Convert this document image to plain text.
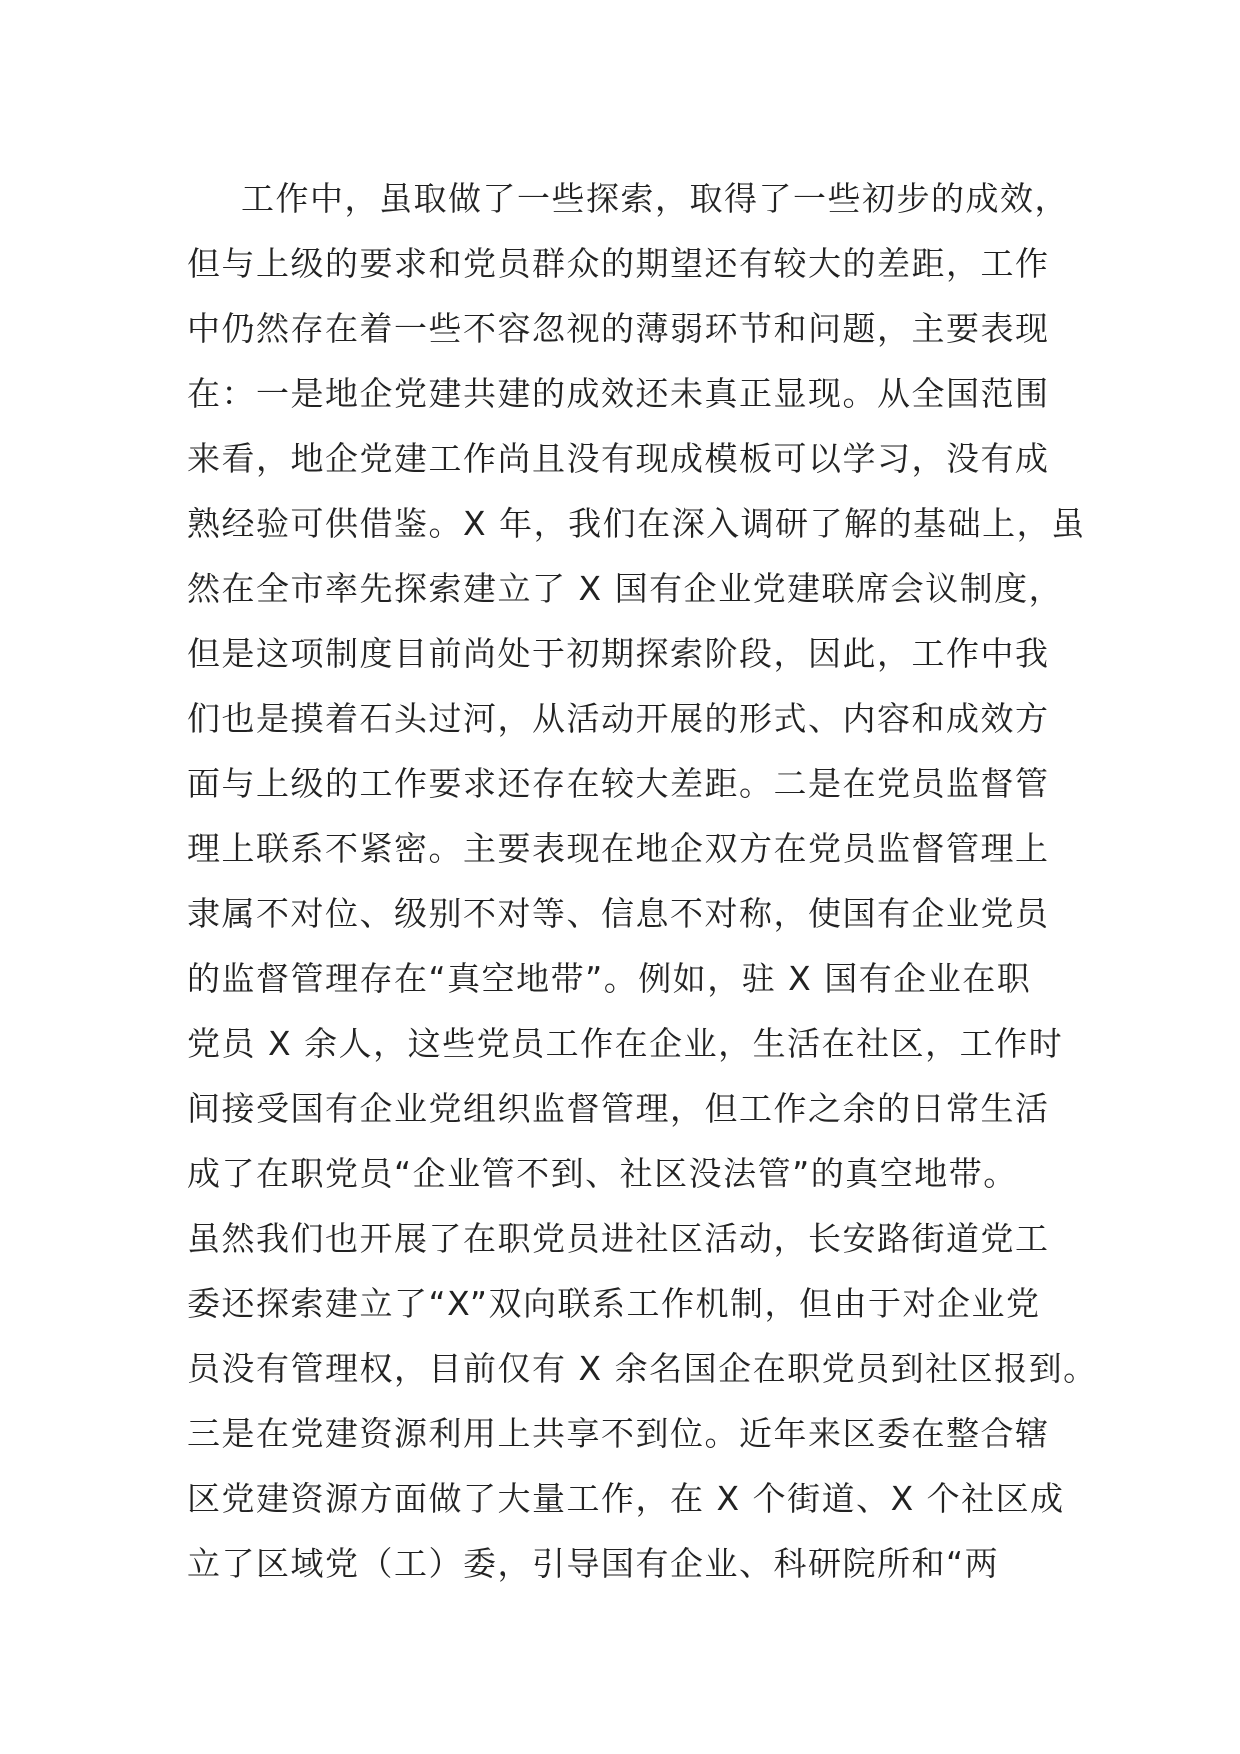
工作中，虽取做了一些探索，取得了一些初步的成效，
但与上级的要求和党员群众的期望还有较大的差距，工作
中仍然存在着一些不容忽视的薄弱环节和问题，主要表现
在：一是地企党建共建的成效还未真正显现。从全国范围
来看，地企党建工作尚且没有现成模板可以学习，没有成
熟经验可供借鉴。X 年，我们在深入调研了解的基础上，虽
然在全市率先探索建立了 X 国有企业党建联席会议制度，
但是这项制度目前尚处于初期探索阶段，因此，工作中我
们也是摸着石头过河，从活动开展的形式、内容和成效方
面与上级的工作要求还存在较大差距。二是在党员监督管
理上联系不紧密。主要表现在地企双方在党员监督管理上
隶属不对位、级别不对等、信息不对称，使国有企业党员
的监督管理存在“真空地带”。例如，驻 X 国有企业在职
党员 X 余人，这些党员工作在企业，生活在社区，工作时
间接受国有企业党组织监督管理，但工作之余的日常生活
成了在职党员“企业管不到、社区没法管”的真空地带。
虽然我们也开展了在职党员进社区活动，长安路街道党工
委还探索建立了“X”双向联系工作机制，但由于对企业党
员没有管理权，目前仅有 X 余名国企在职党员到社区报到。
三是在党建资源利用上共享不到位。近年来区委在整合辖
区党建资源方面做了大量工作，在 X 个街道、X 个社区成
立了区域党（工）委，引导国有企业、科研院所和“两
